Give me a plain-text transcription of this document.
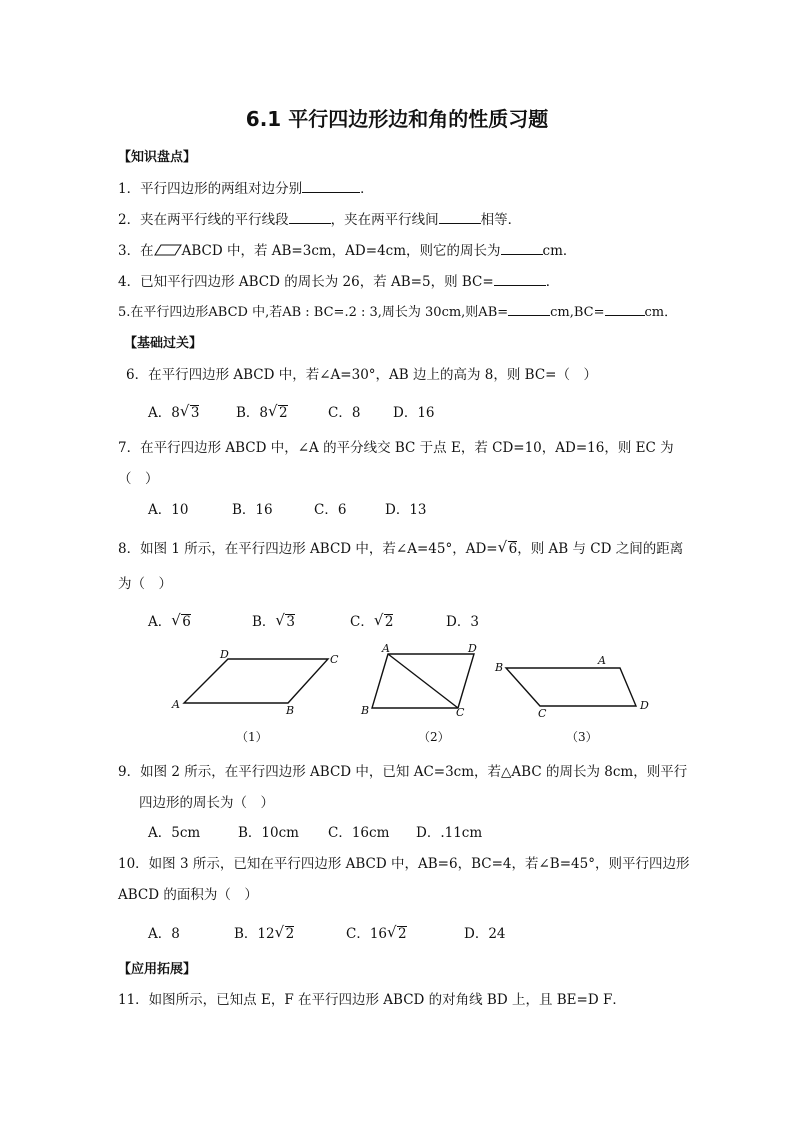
6.1 平行四边形边和角的性质习题
【知识盘点】
1．平行四边形的两组对边分别	．
2．夹在两平行线的平行线段	，夹在两平行线间	相等．
3．在 ABCD 中，若 AB=3cm，AD=4cm，则它的周长为	cm．
4．已知平行四边形 ABCD 的周长为 26，若 AB=5，则 BC=	．
5.在平行四边形ABCD 中,若AB : BC=.2 : 3,周长为 30cm,则AB=	cm,BC=	cm．
【基础过关】
6．在平行四边形 ABCD 中，若∠A=30°，AB 边上的高为 8，则 BC=（　）
A．8 √ 3	B．8 √ 2	C．8 D．16
7．在平行四边形 ABCD 中，∠A 的平分线交 BC 于点 E，若 CD=10，AD=16，则 EC 为
（　）
A．10	B．16	C．6	D．13
8．如图 1 所示，在平行四边形 ABCD 中，若∠A=45°，AD= √ 6，则 AB 与 CD 之间的距离
为（　）
A． √ 6	B． √ 3	C． √ 2	D．3
D	C
A	B
（1）
A	D
B	C
（2）
B
A
C
D
（3）
9．如图 2 所示，在平行四边形 ABCD 中，已知 AC=3cm，若△ABC 的周长为 8cm，则平行
四边形的周长为（　）
A．5cm	B．10cm C．16cm D．.11cm
10．如图 3 所示，已知在平行四边形 ABCD 中，AB=6，BC=4，若∠B=45°，则平行四边形
ABCD 的面积为（　）
A．8	B．12 √ 2	C．16 √ 2	D．24
【应用拓展】
11．如图所示，已知点 E，F 在平行四边形 ABCD 的对角线 BD 上，且 BE=D F．
